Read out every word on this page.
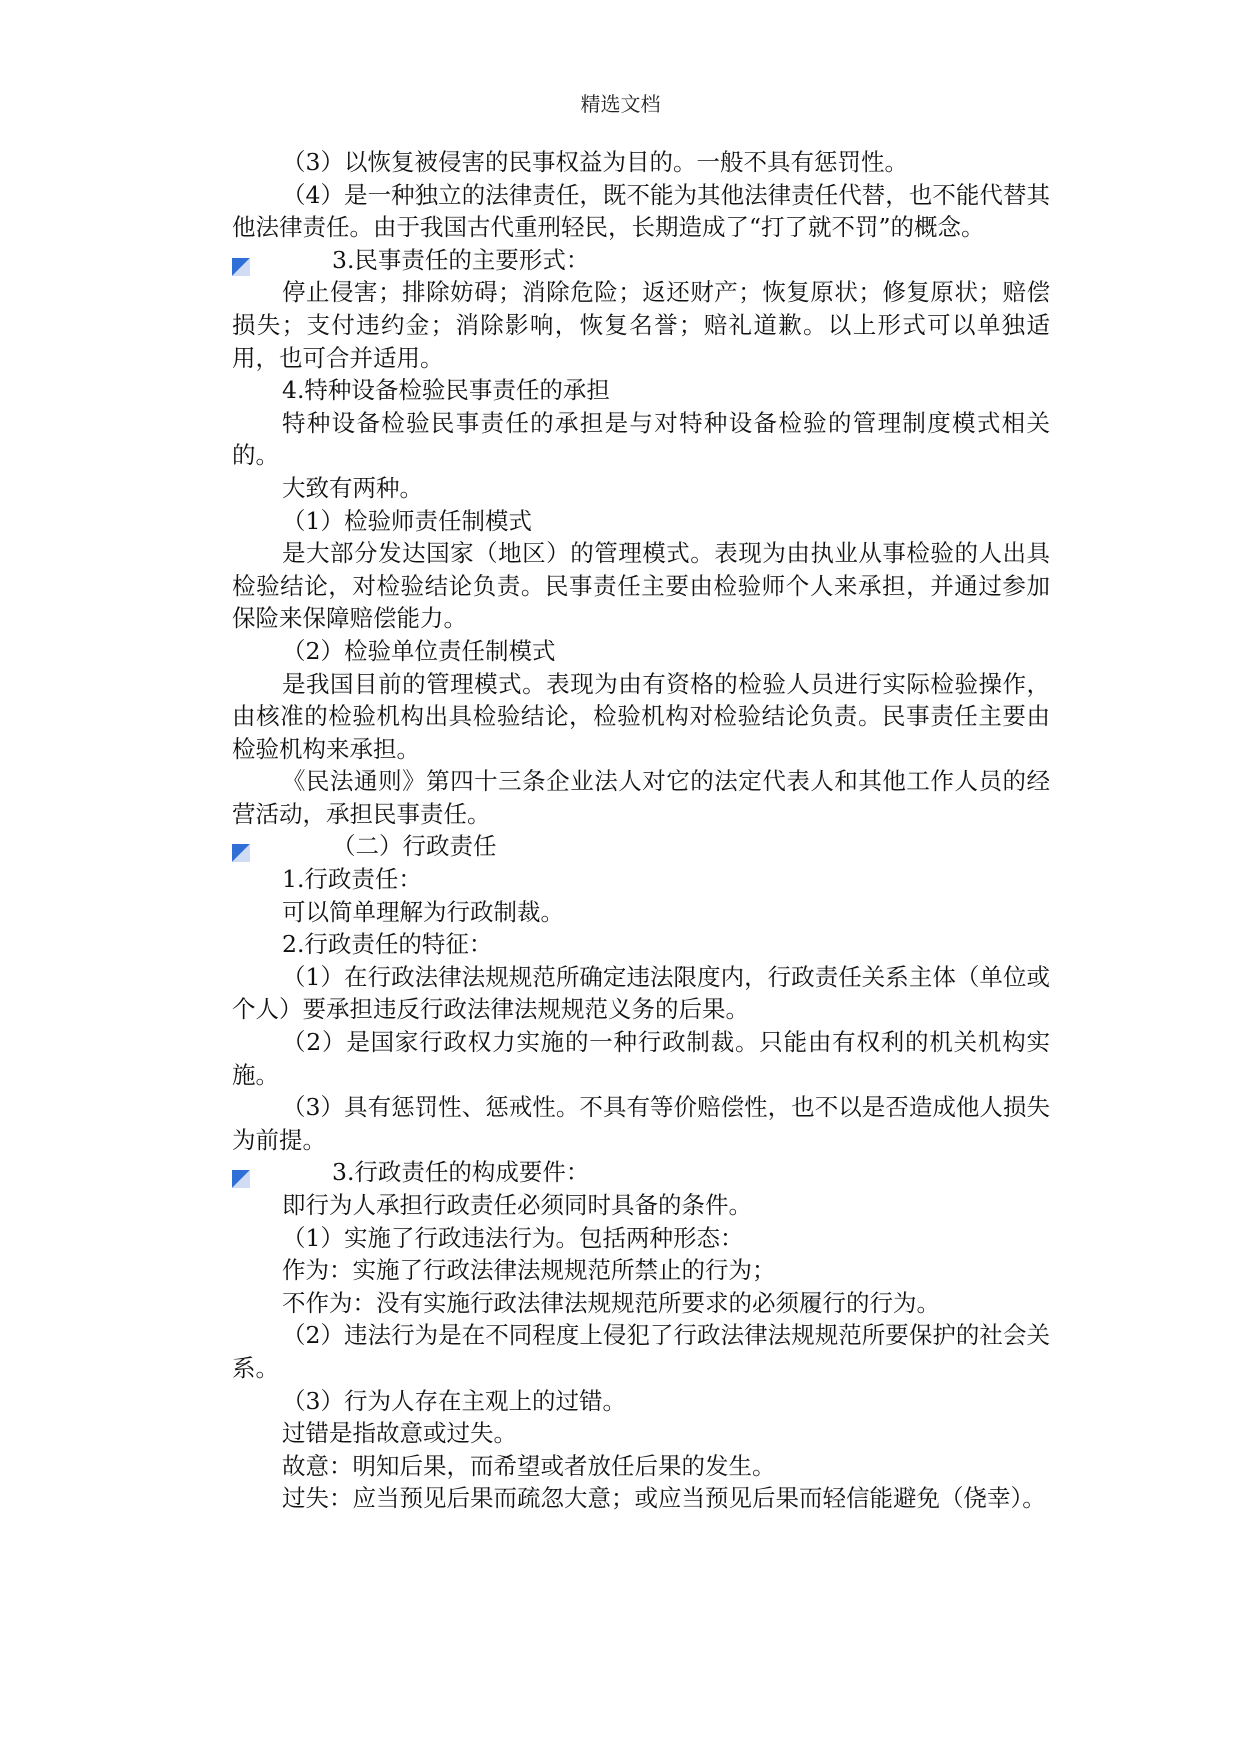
精选文档

（3）以恢复被侵害的民事权益为目的。一般不具有惩罚性。

（4）是一种独立的法律责任，既不能为其他法律责任代替，也不能代替其他法律责任。由于我国古代重刑轻民，长期造成了“打了就不罚”的概念。

3.民事责任的主要形式：

停止侵害；排除妨碍；消除危险；返还财产；恢复原状；修复原状；赔偿损失；支付违约金；消除影响，恢复名誉；赔礼道歉。以上形式可以单独适用，也可合并适用。

4.特种设备检验民事责任的承担

特种设备检验民事责任的承担是与对特种设备检验的管理制度模式相关的。

大致有两种。

（1）检验师责任制模式

是大部分发达国家（地区）的管理模式。表现为由执业从事检验的人出具检验结论，对检验结论负责。民事责任主要由检验师个人来承担，并通过参加保险来保障赔偿能力。

（2）检验单位责任制模式

是我国目前的管理模式。表现为由有资格的检验人员进行实际检验操作，由核准的检验机构出具检验结论，检验机构对检验结论负责。民事责任主要由检验机构来承担。

《民法通则》第四十三条企业法人对它的法定代表人和其他工作人员的经营活动，承担民事责任。

（二）行政责任

1.行政责任：

可以简单理解为行政制裁。

2.行政责任的特征：

（1）在行政法律法规规范所确定违法限度内，行政责任关系主体（单位或个人）要承担违反行政法律法规规范义务的后果。

（2）是国家行政权力实施的一种行政制裁。只能由有权利的机关机构实施。

（3）具有惩罚性、惩戒性。不具有等价赔偿性，也不以是否造成他人损失为前提。

3.行政责任的构成要件：

即行为人承担行政责任必须同时具备的条件。

（1）实施了行政违法行为。包括两种形态：

作为：实施了行政法律法规规范所禁止的行为；

不作为：没有实施行政法律法规规范所要求的必须履行的行为。

（2）违法行为是在不同程度上侵犯了行政法律法规规范所要保护的社会关系。

（3）行为人存在主观上的过错。

过错是指故意或过失。

故意：明知后果，而希望或者放任后果的发生。

过失：应当预见后果而疏忽大意；或应当预见后果而轻信能避免（侥幸）。
